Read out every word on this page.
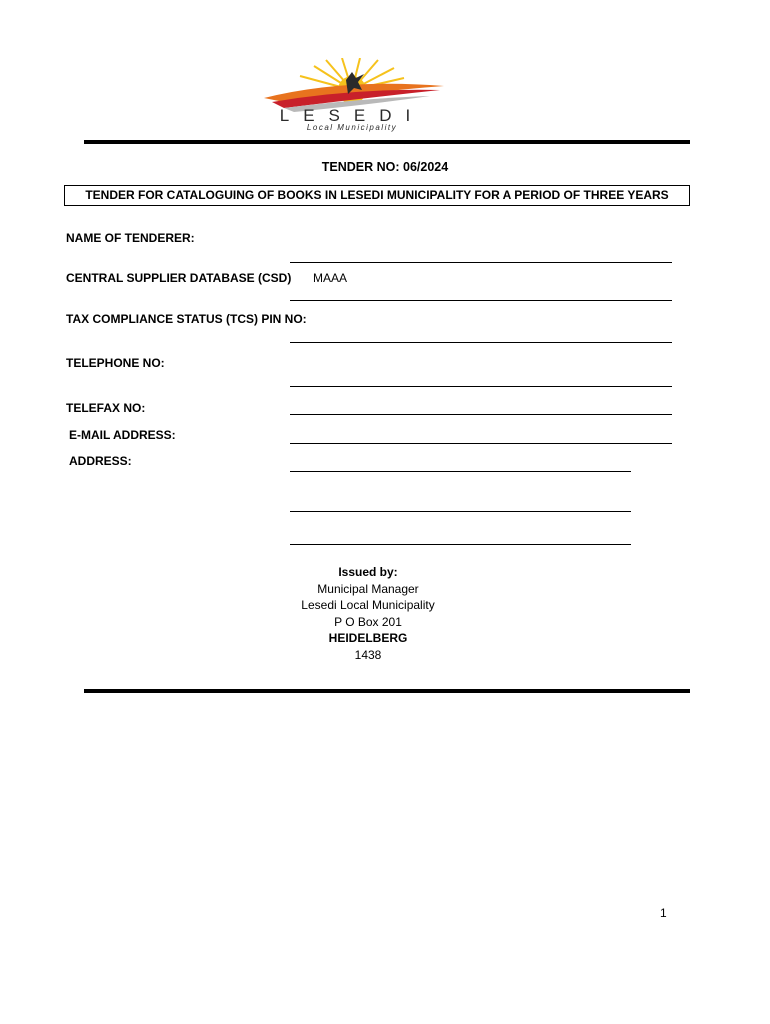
LESEDI
Local Municipality
TENDER NO: 06/2024
TENDER FOR CATALOGUING OF BOOKS IN LESEDI MUNICIPALITY FOR A PERIOD OF THREE YEARS
NAME OF TENDERER:
CENTRAL SUPPLIER DATABASE (CSD) MAAA
TAX COMPLIANCE STATUS (TCS) PIN NO:
TELEPHONE NO:
TELEFAX NO:
E-MAIL ADDRESS:
ADDRESS:
Issued by:
Municipal Manager
Lesedi Local Municipality
P O Box 201
HEIDELBERG
1438
1
